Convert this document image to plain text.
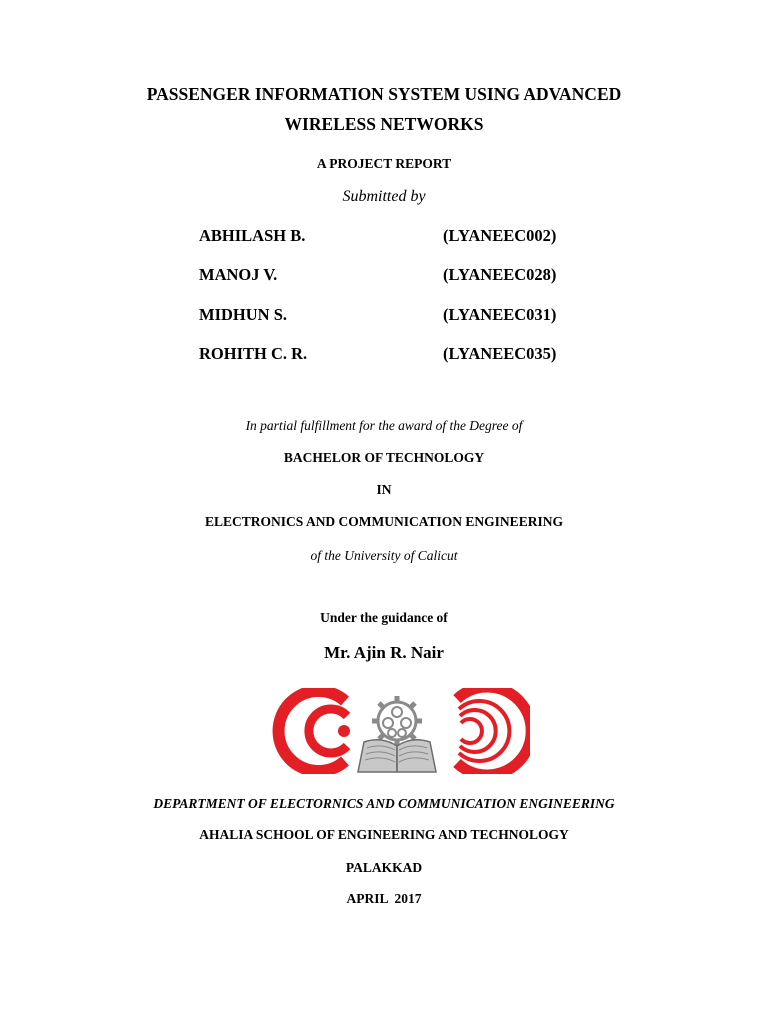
PASSENGER INFORMATION SYSTEM USING ADVANCED
WIRELESS NETWORKS
A PROJECT REPORT
Submitted by
ABHILASH B.	(LYANEEC002)
MANOJ V.	(LYANEEC028)
MIDHUN S.	(LYANEEC031)
ROHITH C. R.	(LYANEEC035)
In partial fulfillment for the award of the Degree of
BACHELOR OF TECHNOLOGY
IN
ELECTRONICS AND COMMUNICATION ENGINEERING
of the University of Calicut
Under the guidance of
Mr. Ajin R. Nair
DEPARTMENT OF ELECTORNICS AND COMMUNICATION ENGINEERING
AHALIA SCHOOL OF ENGINEERING AND TECHNOLOGY
PALAKKAD
APRIL  2017
